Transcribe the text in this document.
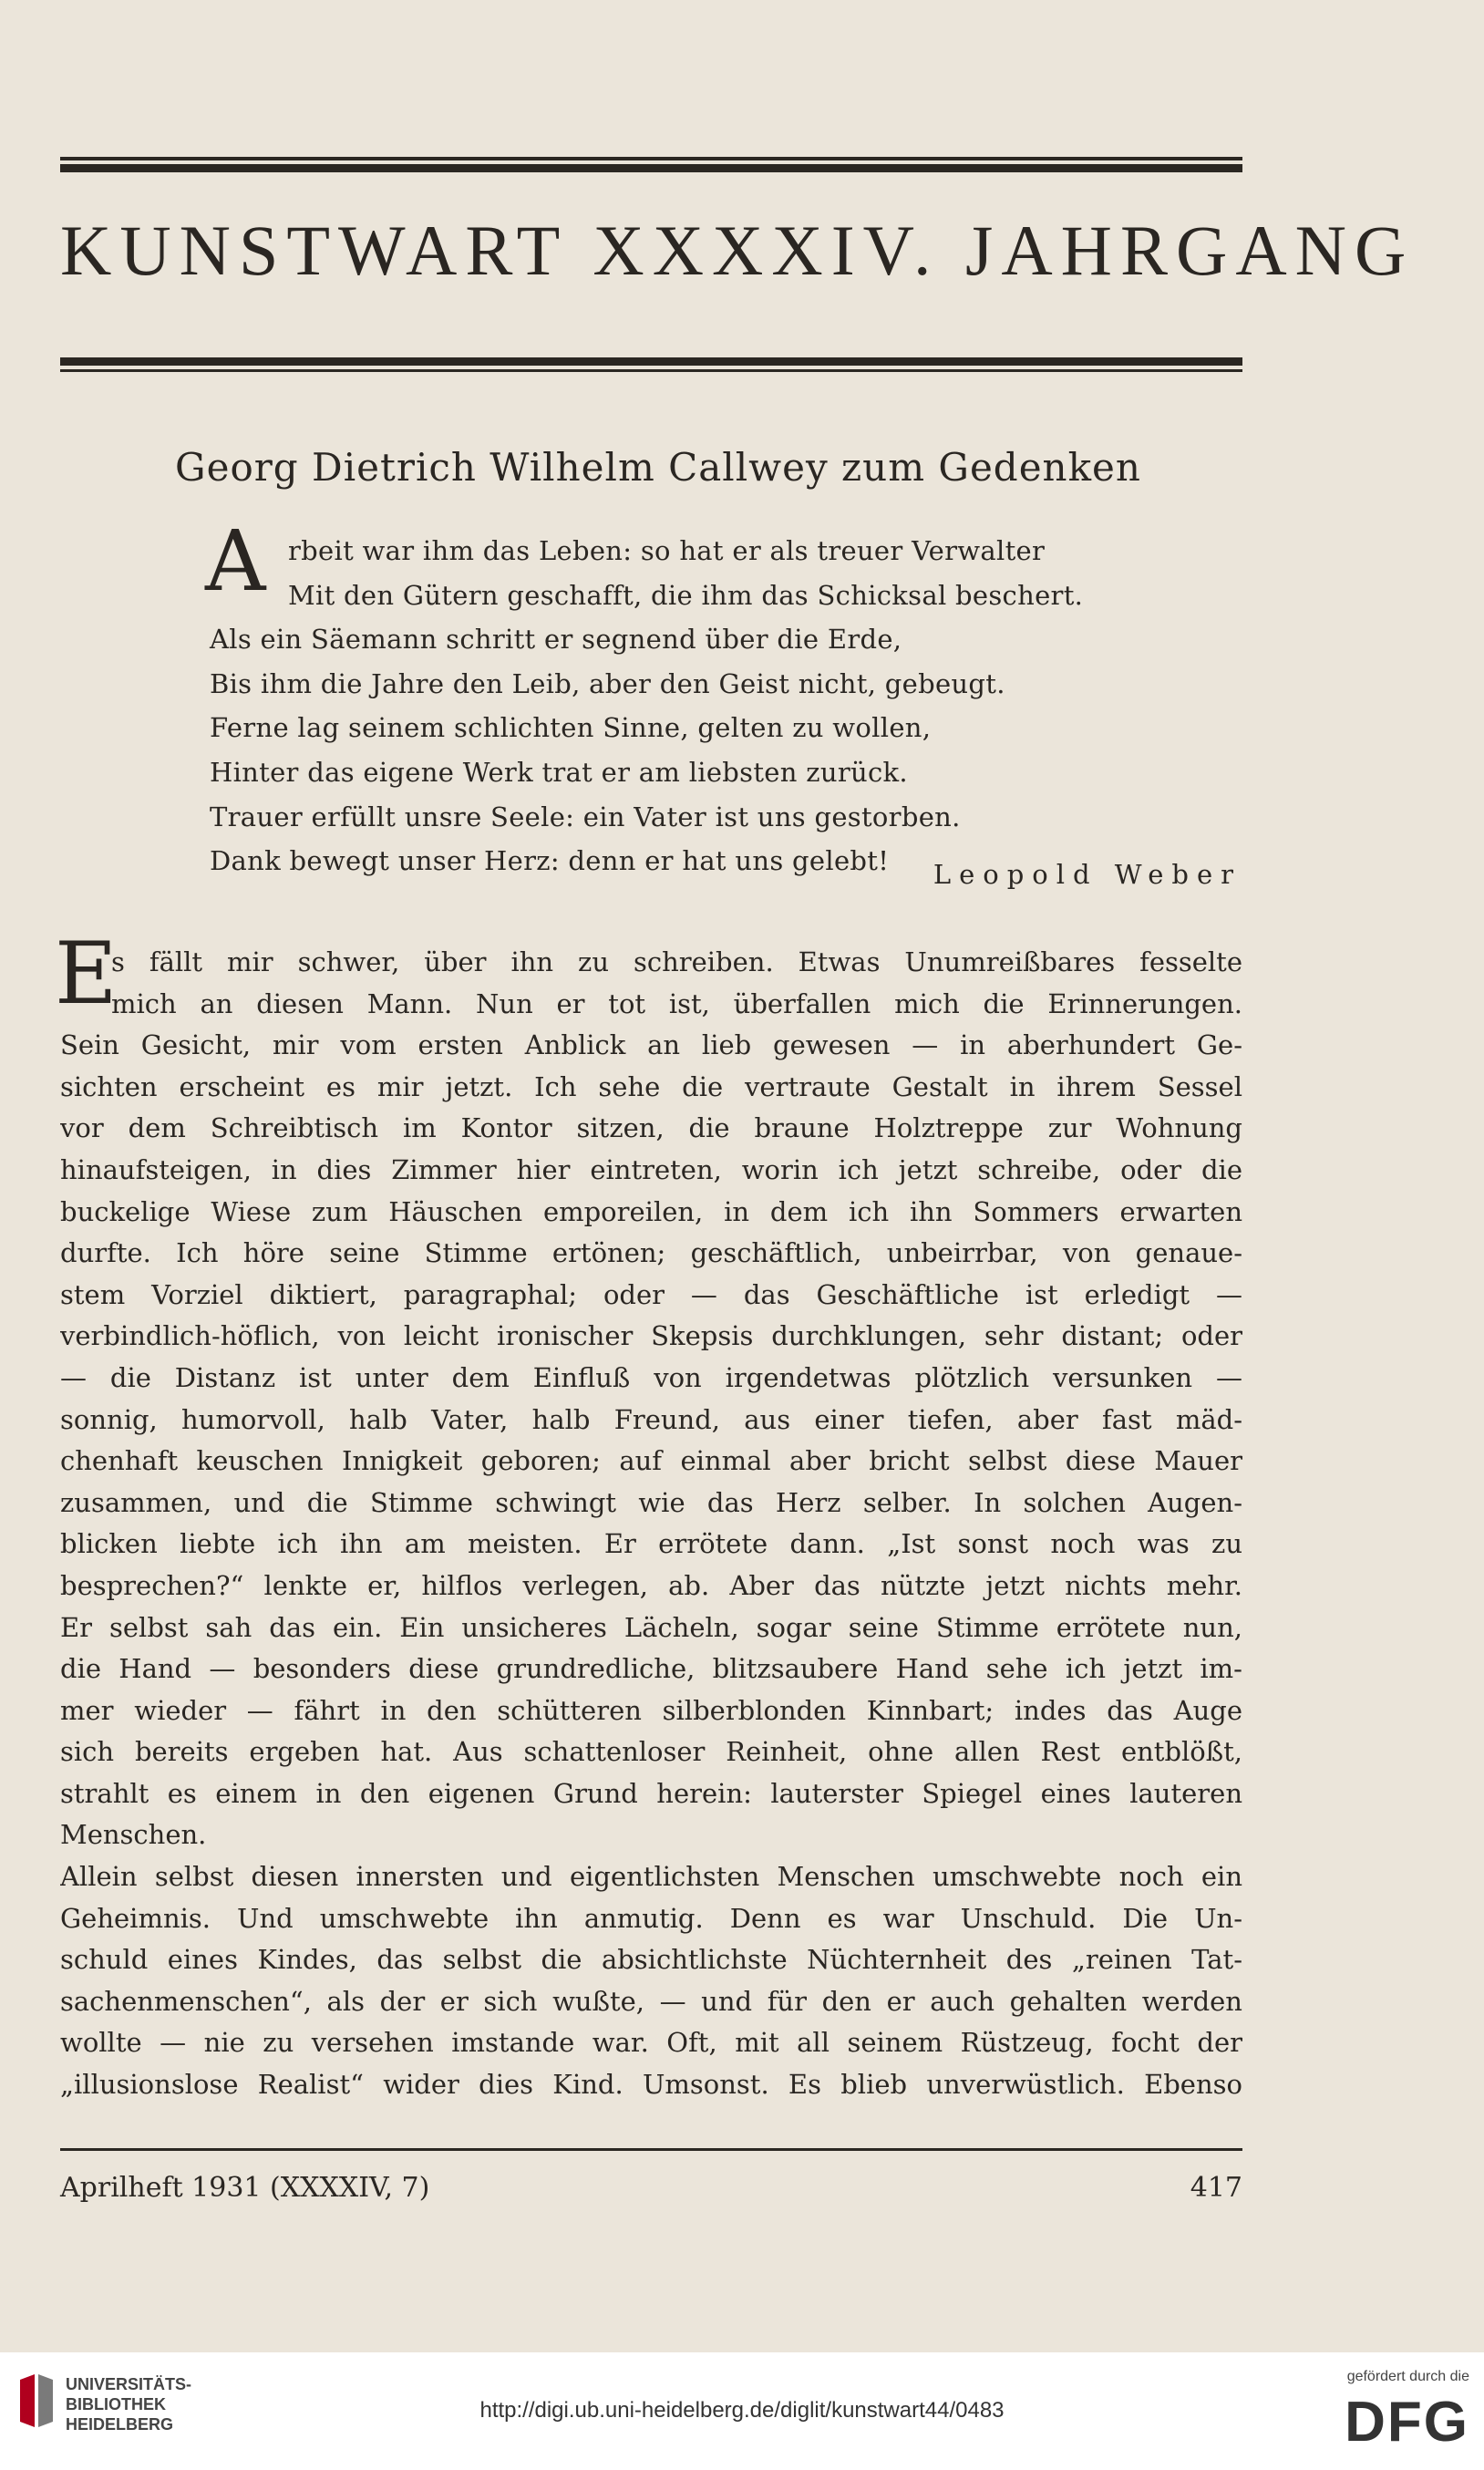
KUNSTWART XXXXIV. JAHRGANG
Georg Dietrich Wilhelm Callwey zum Gedenken
A rbeit war ihm das Leben: so hat er als treuer Verwalter
Mit den Gütern geschafft, die ihm das Schicksal beschert.
Als ein Säemann schritt er segnend über die Erde,
Bis ihm die Jahre den Leib, aber den Geist nicht, gebeugt.
Ferne lag seinem schlichten Sinne, gelten zu wollen,
Hinter das eigene Werk trat er am liebsten zurück.
Trauer erfüllt unsre Seele: ein Vater ist uns gestorben.
Dank bewegt unser Herz: denn er hat uns gelebt!	Leopold Weber
E
s fällt mir schwer, über ihn zu schreiben. Etwas Unumreißbares fesselte
mich an diesen Mann. Nun er tot ist, überfallen mich die Erinnerungen.
Sein Gesicht, mir vom ersten Anblick an lieb gewesen — in aberhundert Ge-
sichten erscheint es mir jetzt. Ich sehe die vertraute Gestalt in ihrem Sessel
vor dem Schreibtisch im Kontor sitzen, die braune Holztreppe zur Wohnung
hinaufsteigen, in dies Zimmer hier eintreten, worin ich jetzt schreibe, oder die
buckelige Wiese zum Häuschen emporeilen, in dem ich ihn Sommers erwarten
durfte. Ich höre seine Stimme ertönen; geschäftlich, unbeirrbar, von genaue-
stem Vorziel diktiert, paragraphal; oder — das Geschäftliche ist erledigt —
verbindlich-höflich, von leicht ironischer Skepsis durchklungen, sehr distant; oder
— die Distanz ist unter dem Einfluß von irgendetwas plötzlich versunken —
sonnig, humorvoll, halb Vater, halb Freund, aus einer tiefen, aber fast mäd-
chenhaft keuschen Innigkeit geboren; auf einmal aber bricht selbst diese Mauer
zusammen, und die Stimme schwingt wie das Herz selber. In solchen Augen-
blicken liebte ich ihn am meisten. Er errötete dann. „Ist sonst noch was zu
besprechen?“ lenkte er, hilflos verlegen, ab. Aber das nützte jetzt nichts mehr.
Er selbst sah das ein. Ein unsicheres Lächeln, sogar seine Stimme errötete nun,
die Hand — besonders diese grundredliche, blitzsaubere Hand sehe ich jetzt im-
mer wieder — fährt in den schütteren silberblonden Kinnbart; indes das Auge
sich bereits ergeben hat. Aus schattenloser Reinheit, ohne allen Rest entblößt,
strahlt es einem in den eigenen Grund herein: lauterster Spiegel eines lauteren
Menschen.
Allein selbst diesen innersten und eigentlichsten Menschen umschwebte noch ein
Geheimnis. Und umschwebte ihn anmutig. Denn es war Unschuld. Die Un-
schuld eines Kindes, das selbst die absichtlichste Nüchternheit des „reinen Tat-
sachenmenschen“, als der er sich wußte, — und für den er auch gehalten werden
wollte — nie zu versehen imstande war. Oft, mit all seinem Rüstzeug, focht der
„illusionslose Realist“ wider dies Kind. Umsonst. Es blieb unverwüstlich. Ebenso
Aprilheft 1931 (XXXXIV, 7)	417
UNIVERSITÄTS-
BIBLIOTHEK
HEIDELBERG
http://digi.ub.uni-heidelberg.de/diglit/kunstwart44/0483
gefördert durch die
DFG
